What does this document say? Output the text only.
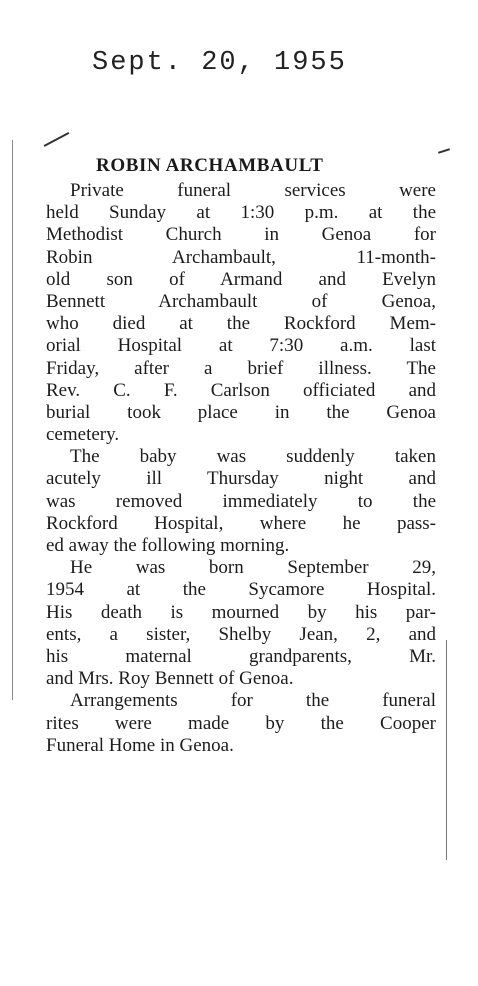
Sept. 20, 1955
ROBIN ARCHAMBAULT
Private funeral services were
held Sunday at 1:30 p.m. at the
Methodist Church in Genoa for
Robin Archambault, 11-month-
old son of Armand and Evelyn
Bennett Archambault of Genoa,
who died at the Rockford Mem-
orial Hospital at 7:30 a.m. last
Friday, after a brief illness. The
Rev. C. F. Carlson officiated and
burial took place in the Genoa
cemetery.
The baby was suddenly taken
acutely ill Thursday night and
was removed immediately to the
Rockford Hospital, where he pass-
ed away the following morning.
He was born September 29,
1954 at the Sycamore Hospital.
His death is mourned by his par-
ents, a sister, Shelby Jean, 2, and
his maternal grandparents, Mr.
and Mrs. Roy Bennett of Genoa.
Arrangements for the funeral
rites were made by the Cooper
Funeral Home in Genoa.
